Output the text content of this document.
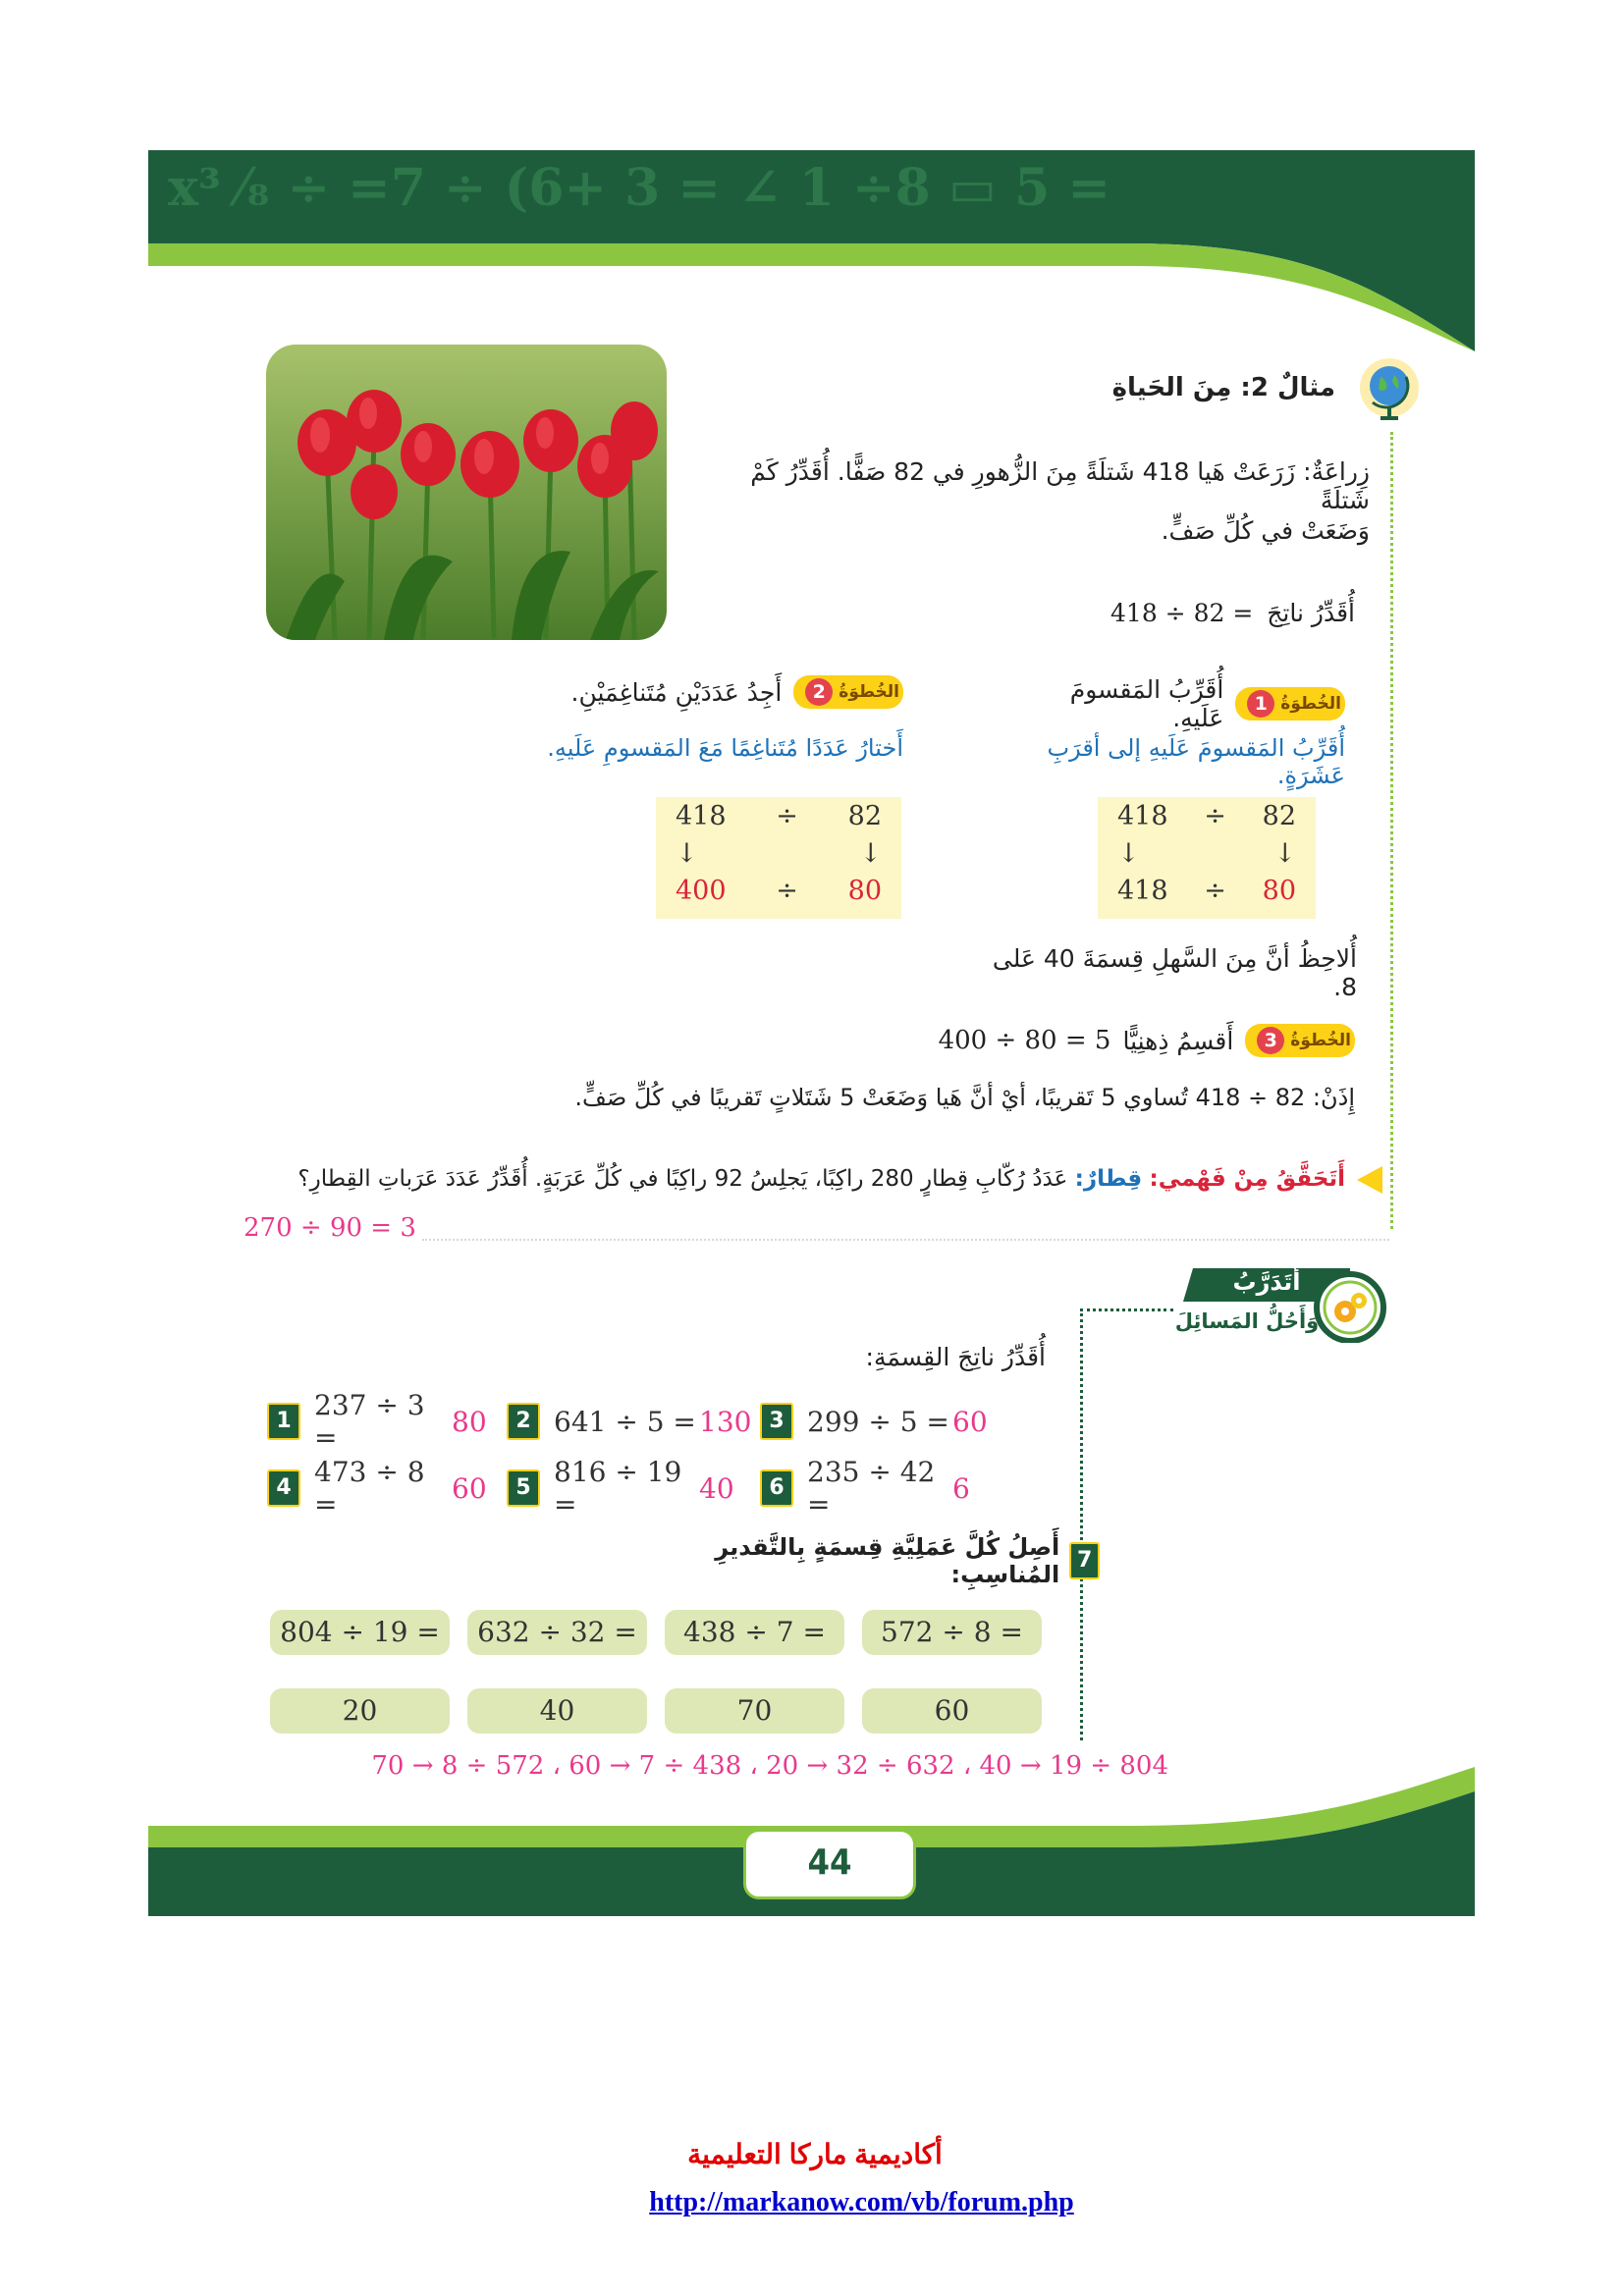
x³ ⁄₈ ÷ =7 ÷ (6+ 3 = ∠ 1 ÷8 ▭ 5 =
مثالٌ 2: مِنَ الحَياةِ
زِراعَةٌ: زَرَعَتْ هَيا 418 شَتلَةً مِنَ الزُّهورِ في 82 صَفًّا. أُقَدِّرُ كَمْ شَتلَةً
وَضَعَتْ في كُلِّ صَفٍّ.
أُقَدِّرُ ناتِجَ
418 ÷ 82 =
الخُطوَةُ
1
أُقَرِّبُ المَقسومَ عَلَيهِ.
أُقَرِّبُ المَقسومَ عَلَيهِ إلى أقرَبِ عَشَرَةٍ.
418 ÷ 82
↓	↓
418 ÷ 80
الخُطوَةُ
2
أَجِدُ عَدَدَيْنِ مُتَناغِمَيْنِ.
أَختارُ عَدَدًا مُتَناغِمًا مَعَ المَقسومِ عَلَيهِ.
418 ÷ 82
↓	↓
400 ÷ 80
أُلاحِظُ أنَّ مِنَ السَّهلِ قِسمَةَ 40 عَلى 8.
الخُطوَةُ
3
أَقسِمُ ذِهنِيًّا
400 ÷ 80 = 5
إِذَنْ: 82 ÷ 418 تُساوي 5 تَقريبًا، أيْ أنَّ هَيا وَضَعَتْ 5 شَتَلاتٍ تَقريبًا في كُلِّ صَفٍّ.
أَتَحَقَّقُ مِنْ فَهْمي: قِطارٌ: عَدَدُ رُكّابِ قِطارٍ 280 راكِبًا، يَجلِسُ 92 راكِبًا في كُلِّ عَرَبَةٍ. أُقَدِّرُ عَدَدَ عَرَباتِ القِطارِ؟
270 ÷ 90 = 3
أَتَدَرَّبُ
وَأَحُلُّ المَسائِلَ
أُقَدِّرُ ناتِجَ القِسمَةِ:
1 237 ÷ 3 =	80	2 641 ÷ 5 = 130 3 299 ÷ 5 = 60
4 473 ÷ 8 =	60	5 816 ÷ 19 =	40	6 235 ÷ 42 =	6
7
أَصِلُ كُلَّ عَمَلِيَّةِ قِسمَةٍ بِالتَّقديرِ المُناسِبِ:
804 ÷ 19 =	632 ÷ 32 =	438 ÷ 7 =	572 ÷ 8 =
20	40	70	60
804 ÷ 19 → 40 ، 632 ÷ 32 → 20 ، 438 ÷ 7 → 60 ، 572 ÷ 8 → 70
44
أكاديمية ماركا التعليمية
http://markanow.com/vb/forum.php
